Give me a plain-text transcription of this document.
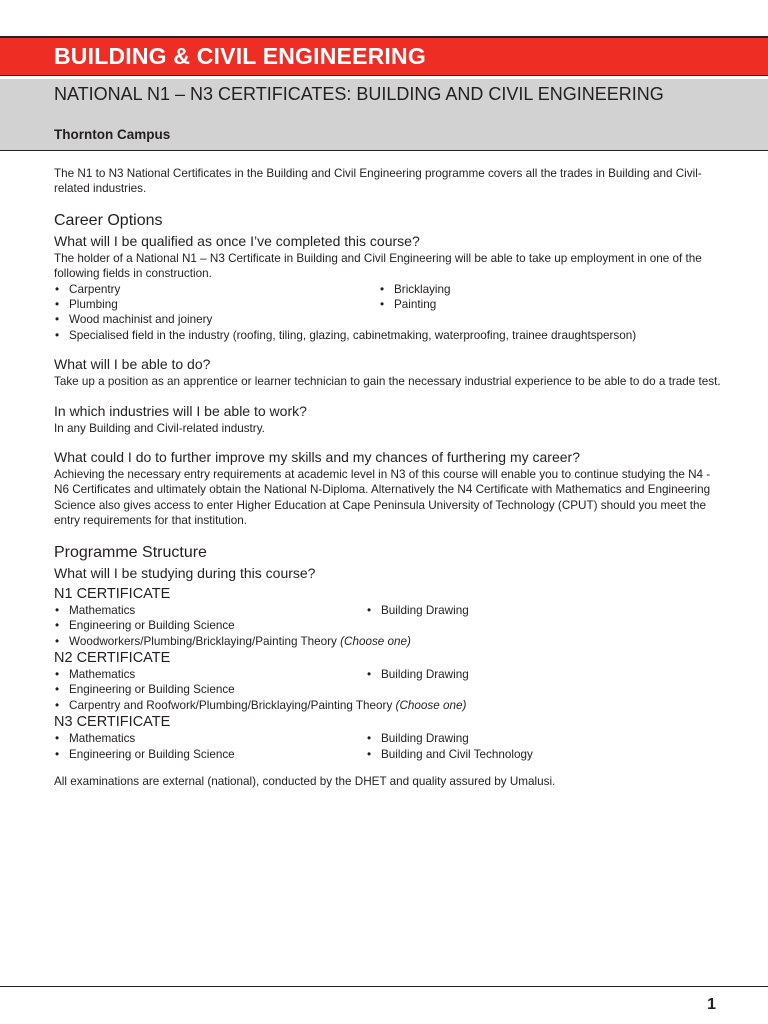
BUILDING & CIVIL ENGINEERING
NATIONAL N1 – N3 CERTIFICATES: BUILDING AND CIVIL ENGINEERING
Thornton Campus

The N1 to N3 National Certificates in the Building and Civil Engineering programme covers all the trades in Building and Civil-related industries.

Career Options
What will I be qualified as once I’ve completed this course?

The holder of a National N1 – N3 Certificate in Building and Civil Engineering will be able to take up employment in one of the following fields in construction.

• Carpentry	• Bricklaying
• Plumbing	• Painting
• Wood machinist and joinery
• Specialised field in the industry (roofing, tiling, glazing, cabinetmaking, waterproofing, trainee draughtsperson)
What will I be able to do?

Take up a position as an apprentice or learner technician to gain the necessary industrial experience to be able to do a trade test.

In which industries will I be able to work?

In any Building and Civil-related industry.

What could I do to further improve my skills and my chances of furthering my career?

Achieving the necessary entry requirements at academic level in N3 of this course will enable you to continue studying the N4 - N6 Certificates and ultimately obtain the National N-Diploma. Alternatively the N4 Certificate with Mathematics and Engineering Science also gives access to enter Higher Education at Cape Peninsula University of Technology (CPUT) should you meet the entry requirements for that institution.

Programme Structure
What will I be studying during this course?
N1 CERTIFICATE
• Mathematics	• Building Drawing
• Engineering or Building Science
• Woodworkers/Plumbing/Bricklaying/Painting Theory (Choose one)
N2 CERTIFICATE
• Mathematics	• Building Drawing
• Engineering or Building Science
• Carpentry and Roofwork/Plumbing/Bricklaying/Painting Theory (Choose one)
N3 CERTIFICATE
• Mathematics	• Building Drawing
• Engineering or Building Science	• Building and Civil Technology

All examinations are external (national), conducted by the DHET and quality assured by Umalusi.

1
